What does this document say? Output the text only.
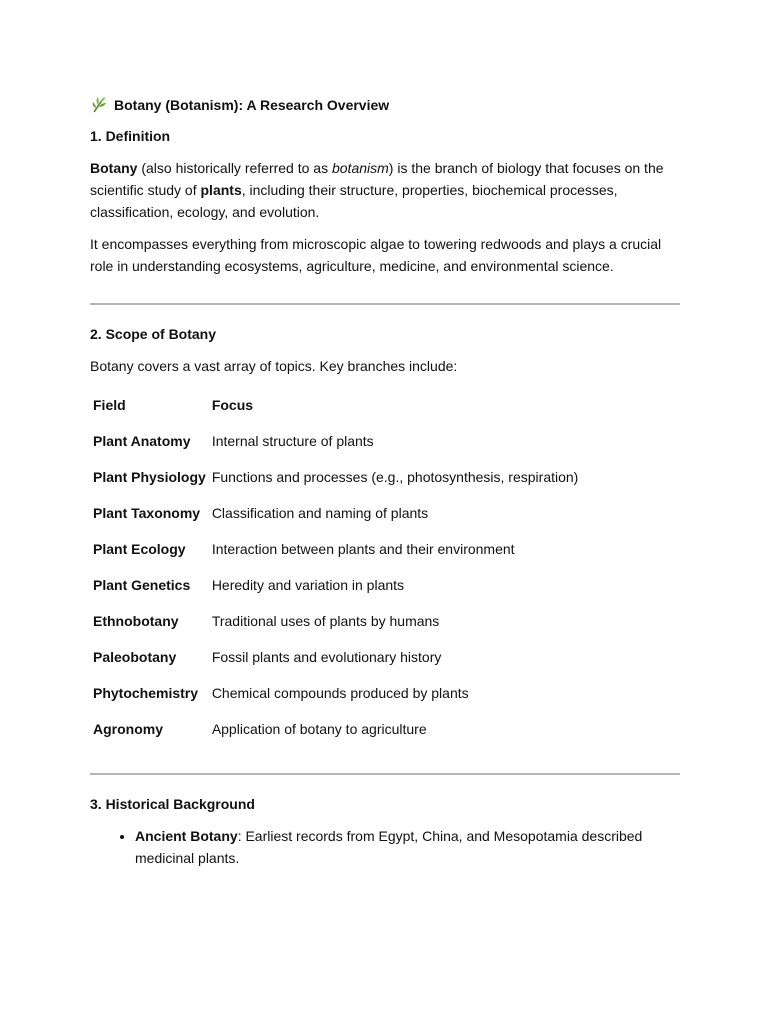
Botany (Botanism): A Research Overview
1. Definition

Botany (also historically referred to as botanism) is the branch of biology that focuses on the scientific study of plants, including their structure, properties, biochemical processes, classification, ecology, and evolution.

It encompasses everything from microscopic algae to towering redwoods and plays a crucial role in understanding ecosystems, agriculture, medicine, and environmental science.

2. Scope of Botany

Botany covers a vast array of topics. Key branches include:

Field	Focus
Plant Anatomy	Internal structure of plants
Plant Physiology	Functions and processes (e.g., photosynthesis, respiration)
Plant Taxonomy	Classification and naming of plants
Plant Ecology	Interaction between plants and their environment
Plant Genetics	Heredity and variation in plants
Ethnobotany	Traditional uses of plants by humans
Paleobotany	Fossil plants and evolutionary history
Phytochemistry	Chemical compounds produced by plants
Agronomy	Application of botany to agriculture
3. Historical Background
• Ancient Botany: Earliest records from Egypt, China, and Mesopotamia described medicinal plants.
